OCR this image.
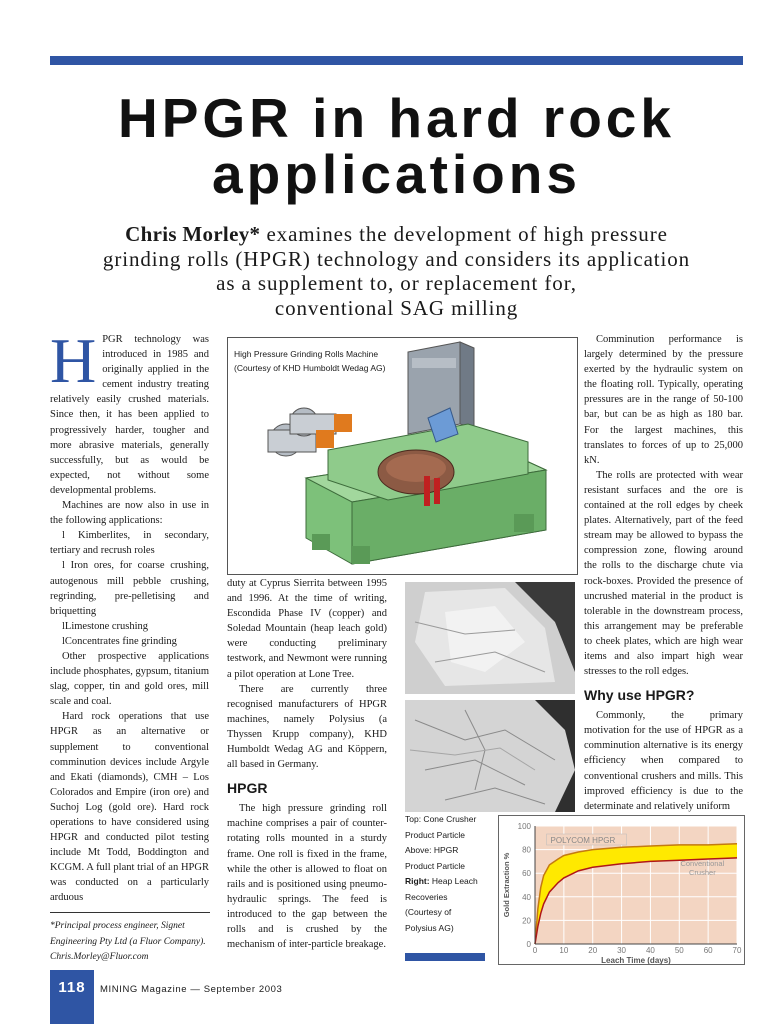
HPGR in hard rock
applications
Chris Morley* examines the development of high pressure
grinding rolls (HPGR) technology and considers its application
as a supplement to, or replacement for,
conventional SAG milling
H PGR technology was introduced in 1985 and originally applied in the cement industry treating relatively easily crushed materials. Since then, it has been applied to progressively harder, tougher and more abrasive materials, generally successfully, but as would be expected, not without some developmental problems.

Machines are now also in use in the following applications:

l Kimberlites, in secondary, tertiary and recrush roles

l Iron ores, for coarse crushing, autogenous mill pebble crushing, regrinding, pre-pelletising and briquetting

lLimestone crushing

lConcentrates fine grinding

Other prospective applications include phosphates, gypsum, titanium slag, copper, tin and gold ores, mill scale and coal.

Hard rock operations that use HPGR as an alternative or supplement to conventional comminution devices include Argyle and Ekati (diamonds), CMH – Los Colorados and Empire (iron ore) and Suchoj Log (gold ore). Hard rock operations to have considered using HPGR and conducted pilot testing include Mt Todd, Boddington and KCGM. A full plant trial of an HPGR was conducted on a particularly arduous

*Principal process engineer, Signet Engineering Pty Ltd (a Fluor Company).
Chris.Morley@Fluor.com
High Pressure Grinding Rolls Machine
(Courtesy of KHD Humboldt Wedag AG)

duty at Cyprus Sierrita between 1995 and 1996. At the time of writing, Escondida Phase IV (copper) and Soledad Mountain (heap leach gold) were conducting preliminary testwork, and Newmont were running a pilot operation at Lone Tree.

There are currently three recognised manufacturers of HPGR machines, namely Polysius (a Thyssen Krupp company), KHD Humboldt Wedag AG and Köppern, all based in Germany.

HPGR

The high pressure grinding roll machine comprises a pair of counter-rotating rolls mounted in a sturdy frame. One roll is fixed in the frame, while the other is allowed to float on rails and is positioned using pneumo-hydraulic springs. The feed is introduced to the gap between the rolls and is crushed by the mechanism of inter-particle breakage.

Top: Cone Crusher Product Particle
Above: HPGR Product Particle
Right: Heap Leach Recoveries
(Courtesy of Polysius AG)
0
20
40
60
80
100
0	10 20 30 40 50 60 70
POLYCOM HPGR
Conventional
Crusher
Leach Time (days)
Gold Extraction %

Comminution performance is largely determined by the pressure exerted by the hydraulic system on the floating roll. Typically, operating pressures are in the range of 50-100 bar, but can be as high as 180 bar. For the largest machines, this translates to forces of up to 25,000 kN.

The rolls are protected with wear resistant surfaces and the ore is contained at the roll edges by cheek plates. Alternatively, part of the feed stream may be allowed to bypass the compression zone, flowing around the rolls to the discharge chute via rock-boxes. Provided the presence of uncrushed material in the product is tolerable in the downstream process, this arrangement may be preferable to cheek plates, which are high wear items and also impart high wear stresses to the roll edges.

Why use HPGR?

Commonly, the primary motivation for the use of HPGR as a comminution alternative is its energy efficiency when compared to conventional crushers and mills. This improved efficiency is due to the determinate and relatively uniform

118	MINING Magazine — September 2003
